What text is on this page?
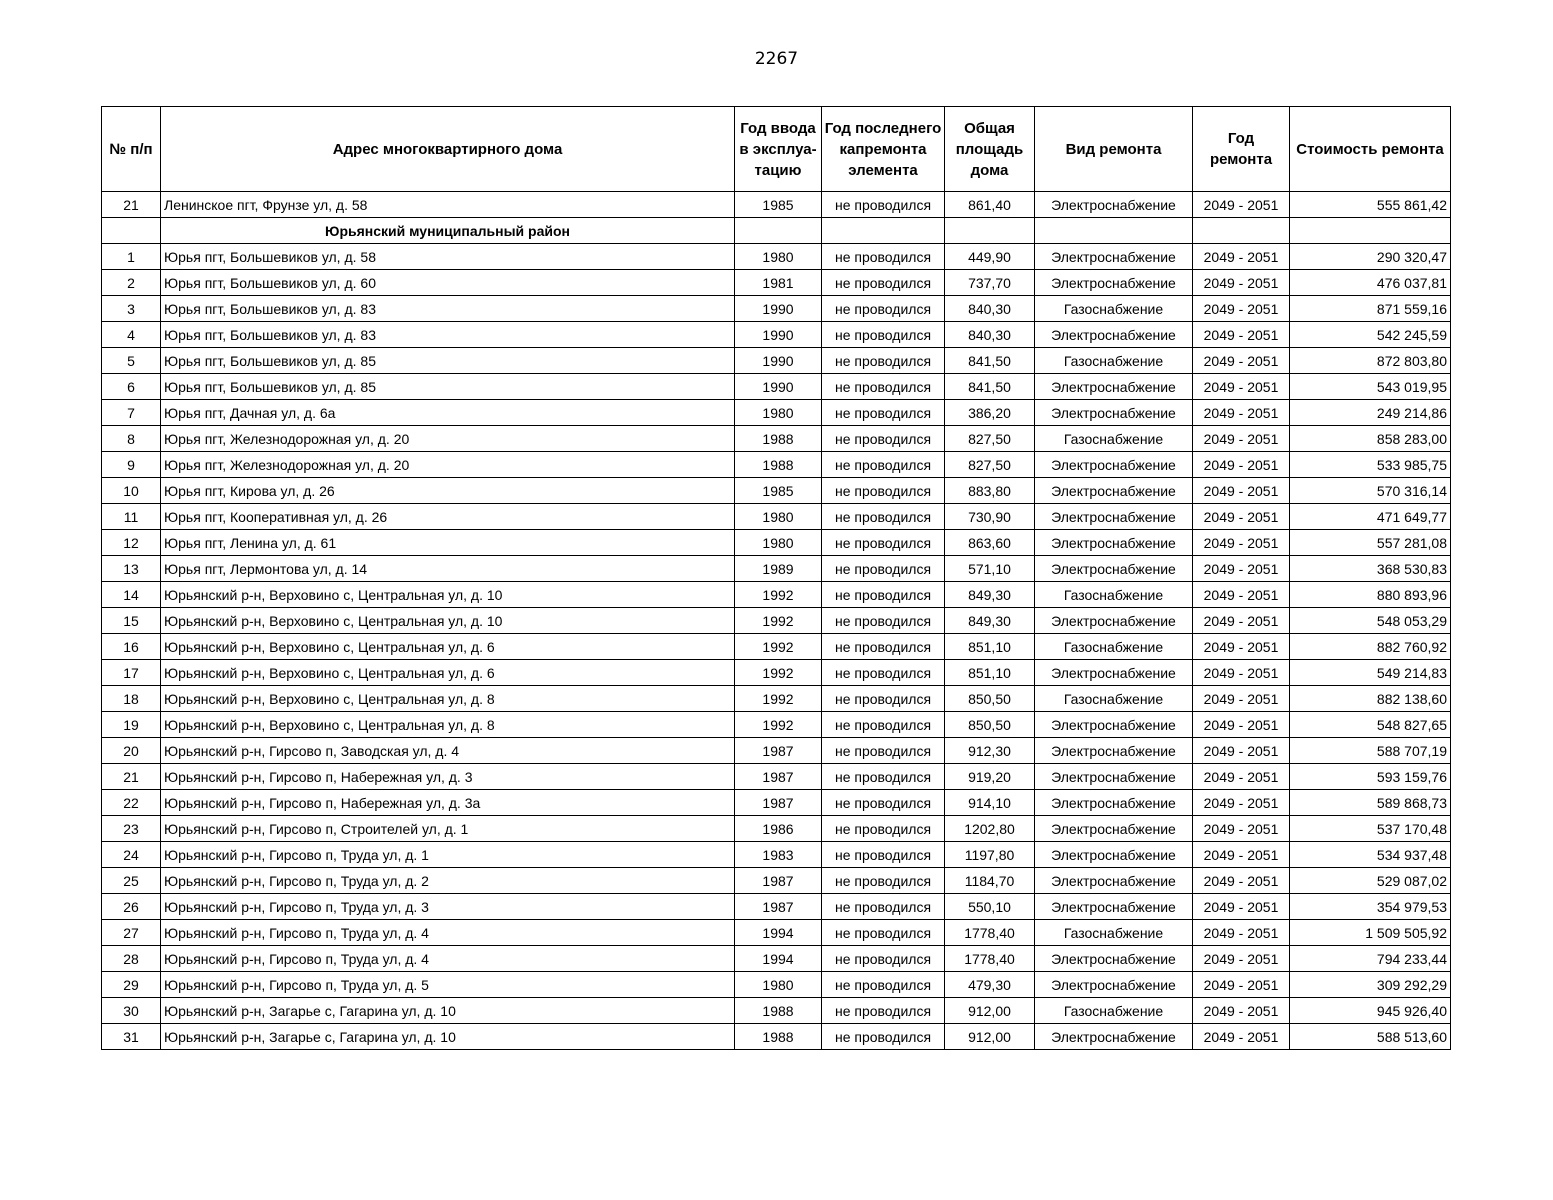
2267
№ п/п	Адрес многоквартирного дома	Год ввода в эксплуа-тацию	Год последнего капремонта элемента	Общая площадь дома	Вид ремонта	Год ремонта	Стоимость ремонта
21	Ленинское пгт, Фрунзе ул, д. 58	1985	не проводился	861,40	Электроснабжение	2049 - 2051	555 861,42
	Юрьянский муниципальный район						
1	Юрья пгт, Большевиков ул, д. 58	1980	не проводился	449,90	Электроснабжение	2049 - 2051	290 320,47
2	Юрья пгт, Большевиков ул, д. 60	1981	не проводился	737,70	Электроснабжение	2049 - 2051	476 037,81
3	Юрья пгт, Большевиков ул, д. 83	1990	не проводился	840,30	Газоснабжение	2049 - 2051	871 559,16
4	Юрья пгт, Большевиков ул, д. 83	1990	не проводился	840,30	Электроснабжение	2049 - 2051	542 245,59
5	Юрья пгт, Большевиков ул, д. 85	1990	не проводился	841,50	Газоснабжение	2049 - 2051	872 803,80
6	Юрья пгт, Большевиков ул, д. 85	1990	не проводился	841,50	Электроснабжение	2049 - 2051	543 019,95
7	Юрья пгт, Дачная ул, д. 6а	1980	не проводился	386,20	Электроснабжение	2049 - 2051	249 214,86
8	Юрья пгт, Железнодорожная ул, д. 20	1988	не проводился	827,50	Газоснабжение	2049 - 2051	858 283,00
9	Юрья пгт, Железнодорожная ул, д. 20	1988	не проводился	827,50	Электроснабжение	2049 - 2051	533 985,75
10	Юрья пгт, Кирова ул, д. 26	1985	не проводился	883,80	Электроснабжение	2049 - 2051	570 316,14
11	Юрья пгт, Кооперативная ул, д. 26	1980	не проводился	730,90	Электроснабжение	2049 - 2051	471 649,77
12	Юрья пгт, Ленина ул, д. 61	1980	не проводился	863,60	Электроснабжение	2049 - 2051	557 281,08
13	Юрья пгт, Лермонтова ул, д. 14	1989	не проводился	571,10	Электроснабжение	2049 - 2051	368 530,83
14	Юрьянский р-н, Верховино с, Центральная ул, д. 10	1992	не проводился	849,30	Газоснабжение	2049 - 2051	880 893,96
15	Юрьянский р-н, Верховино с, Центральная ул, д. 10	1992	не проводился	849,30	Электроснабжение	2049 - 2051	548 053,29
16	Юрьянский р-н, Верховино с, Центральная ул, д. 6	1992	не проводился	851,10	Газоснабжение	2049 - 2051	882 760,92
17	Юрьянский р-н, Верховино с, Центральная ул, д. 6	1992	не проводился	851,10	Электроснабжение	2049 - 2051	549 214,83
18	Юрьянский р-н, Верховино с, Центральная ул, д. 8	1992	не проводился	850,50	Газоснабжение	2049 - 2051	882 138,60
19	Юрьянский р-н, Верховино с, Центральная ул, д. 8	1992	не проводился	850,50	Электроснабжение	2049 - 2051	548 827,65
20	Юрьянский р-н, Гирсово п, Заводская ул, д. 4	1987	не проводился	912,30	Электроснабжение	2049 - 2051	588 707,19
21	Юрьянский р-н, Гирсово п, Набережная ул, д. 3	1987	не проводился	919,20	Электроснабжение	2049 - 2051	593 159,76
22	Юрьянский р-н, Гирсово п, Набережная ул, д. 3а	1987	не проводился	914,10	Электроснабжение	2049 - 2051	589 868,73
23	Юрьянский р-н, Гирсово п, Строителей ул, д. 1	1986	не проводился	1202,80	Электроснабжение	2049 - 2051	537 170,48
24	Юрьянский р-н, Гирсово п, Труда ул, д. 1	1983	не проводился	1197,80	Электроснабжение	2049 - 2051	534 937,48
25	Юрьянский р-н, Гирсово п, Труда ул, д. 2	1987	не проводился	1184,70	Электроснабжение	2049 - 2051	529 087,02
26	Юрьянский р-н, Гирсово п, Труда ул, д. 3	1987	не проводился	550,10	Электроснабжение	2049 - 2051	354 979,53
27	Юрьянский р-н, Гирсово п, Труда ул, д. 4	1994	не проводился	1778,40	Газоснабжение	2049 - 2051	1 509 505,92
28	Юрьянский р-н, Гирсово п, Труда ул, д. 4	1994	не проводился	1778,40	Электроснабжение	2049 - 2051	794 233,44
29	Юрьянский р-н, Гирсово п, Труда ул, д. 5	1980	не проводился	479,30	Электроснабжение	2049 - 2051	309 292,29
30	Юрьянский р-н, Загарье с, Гагарина ул, д. 10	1988	не проводился	912,00	Газоснабжение	2049 - 2051	945 926,40
31	Юрьянский р-н, Загарье с, Гагарина ул, д. 10	1988	не проводился	912,00	Электроснабжение	2049 - 2051	588 513,60
